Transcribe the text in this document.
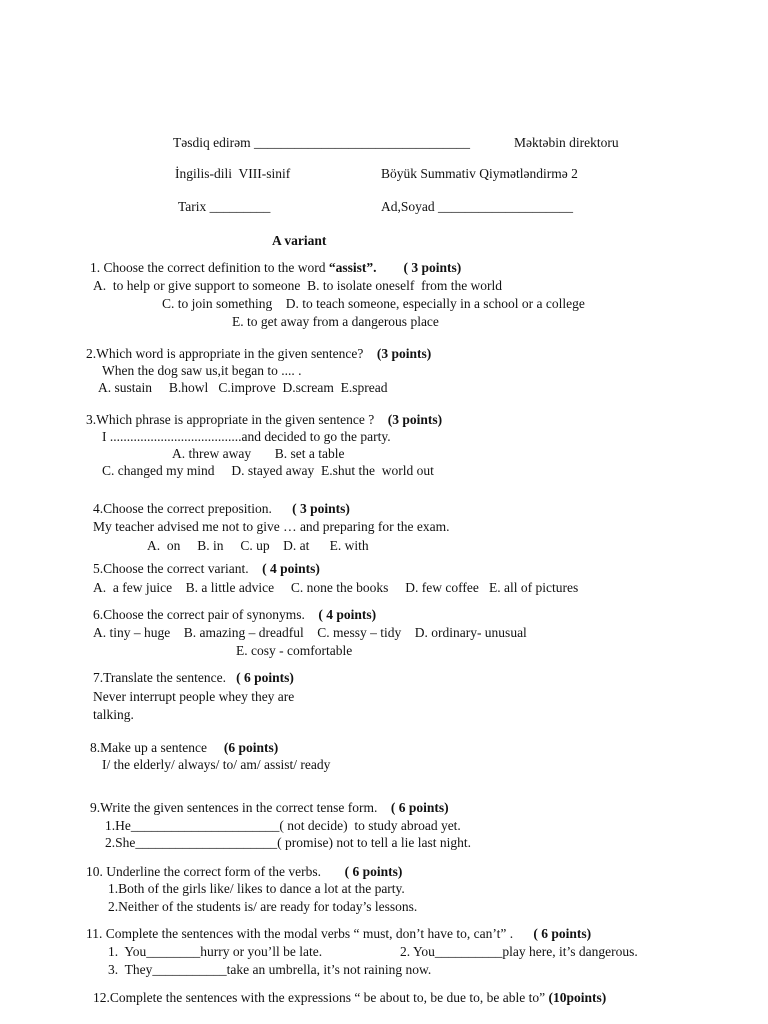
Təsdiq edirəm ________________________________	Məktəbin direktoru
İngilis-dili  VIII-sinif	Böyük Summativ Qiymətləndirmə 2
Tarix _________	Ad,Soyad ____________________
A variant
1. Choose the correct definition to the word “assist”. ( 3 points)
A.  to help or give support to someone  B. to isolate oneself  from the world
C. to join something    D. to teach someone, especially in a school or a college
E. to get away from a dangerous place
2.Which word is appropriate in the given sentence? (3 points)
When the dog saw us,it began to .... .
A. sustain     B.howl   C.improve  D.scream  E.spread
3.Which phrase is appropriate in the given sentence ? (3 points)
I .......................................and decided to go the party.
A. threw away       B. set a table
C. changed my mind     D. stayed away  E.shut the  world out
4.Choose the correct preposition. ( 3 points)
My teacher advised me not to give … and preparing for the exam.
A.  on     B. in     C. up    D. at      E. with
5.Choose the correct variant. ( 4 points)
A.  a few juice    B. a little advice     C. none the books     D. few coffee   E. all of pictures
6.Choose the correct pair of synonyms. ( 4 points)
A. tiny – huge    B. amazing – dreadful    C. messy – tidy    D. ordinary- unusual
E. cosy - comfortable
7.Translate the sentence. ( 6 points)
Never interrupt people whey they are
talking.
8.Make up a sentence (6 points)
I/ the elderly/ always/ to/ am/ assist/ ready
9.Write the given sentences in the correct tense form. ( 6 points)
1.He______________________( not decide)  to study abroad yet.
2.She_____________________( promise) not to tell a lie last night.
10. Underline the correct form of the verbs. ( 6 points)
1.Both of the girls like/ likes to dance a lot at the party.
2.Neither of the students is/ are ready for today’s lessons.
11. Complete the sentences with the modal verbs “ must, don’t have to, can’t” . ( 6 points)
1.  You________hurry or you’ll be late.	2. You__________play here, it’s dangerous.
3.  They___________take an umbrella, it’s not raining now.
12.Complete the sentences with the expressions “ be about to, be due to, be able to” (10points)
